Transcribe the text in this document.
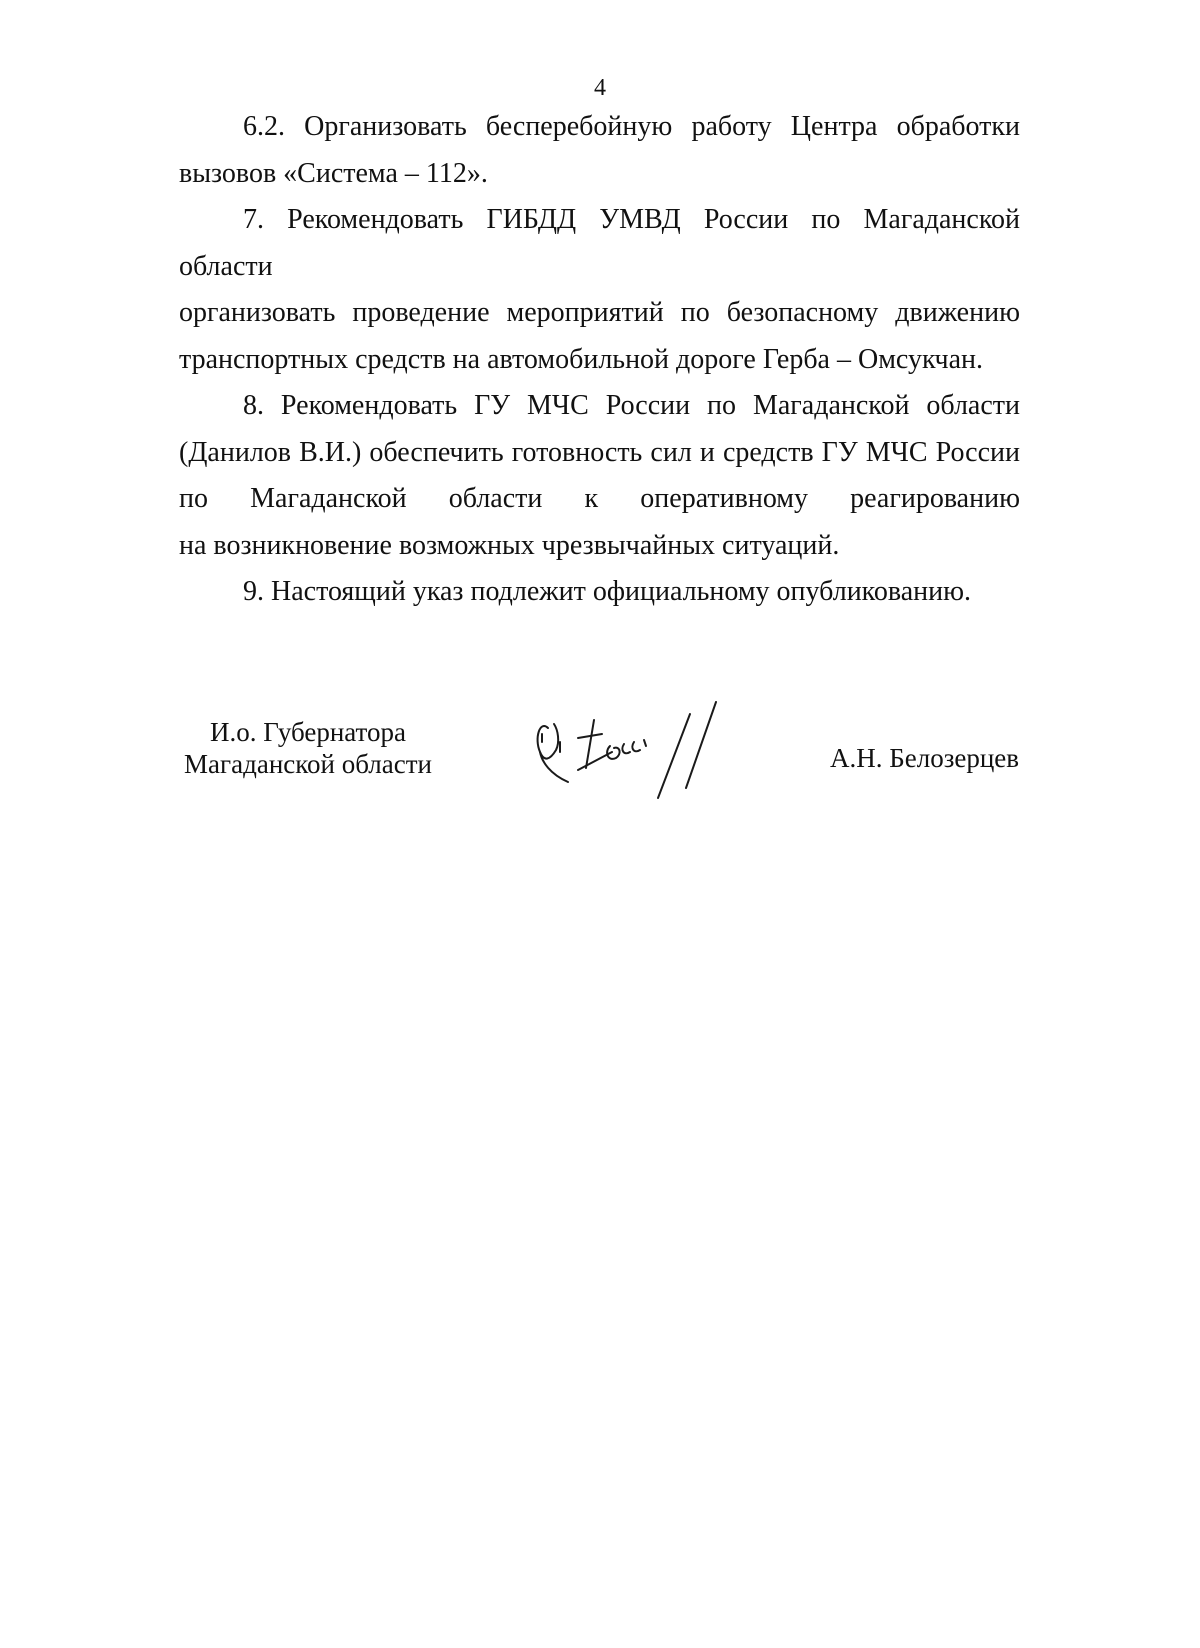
4

6.2. Организовать бесперебойную работу Центра обработки

вызовов «Система – 112».

7. Рекомендовать ГИБДД УМВД России по Магаданской области

организовать проведение мероприятий по безопасному движению

транспортных средств на автомобильной дороге Герба – Омсукчан.

8. Рекомендовать ГУ МЧС России по Магаданской области

(Данилов В.И.) обеспечить готовность сил и средств ГУ МЧС России

по Магаданской области к оперативному реагированию

на возникновение возможных чрезвычайных ситуаций.

9. Настоящий указ подлежит официальному опубликованию.

И.о. Губернатора
Магаданской области	А.Н. Белозерцев
